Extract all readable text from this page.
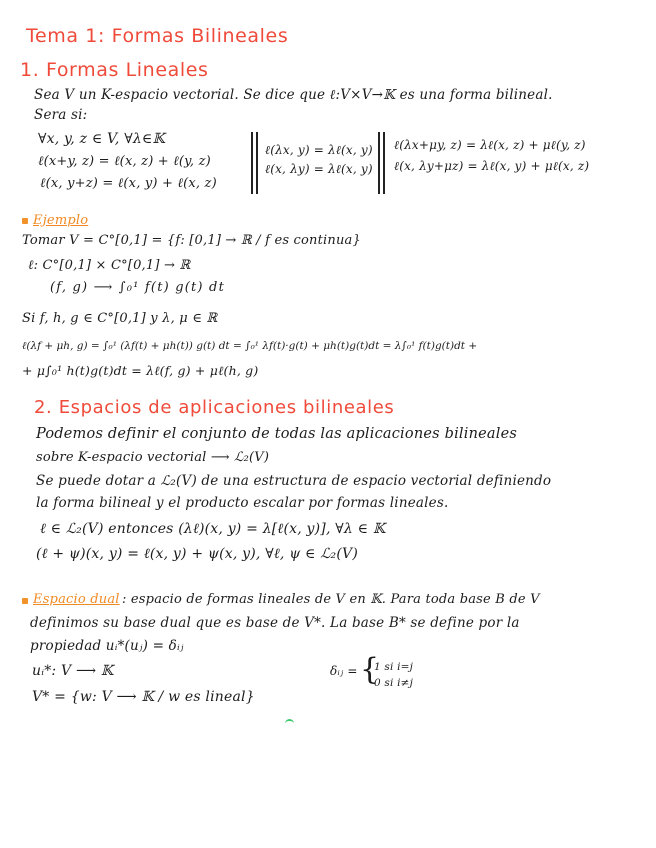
Tema 1: Formas Bilineales
1. Formas Lineales
Sea V un K-espacio vectorial. Se dice que ℓ:V×V→𝕂 es una forma bilineal.
Sera si:
∀x, y, z ∈ V, ∀λ∈𝕂
ℓ(x+y, z) = ℓ(x, z) + ℓ(y, z)
ℓ(x, y+z) = ℓ(x, y) + ℓ(x, z)
ℓ(λx, y) = λℓ(x, y)
ℓ(x, λy) = λℓ(x, y)
ℓ(λx+μy, z) = λℓ(x, z) + μℓ(y, z)
ℓ(x, λy+μz) = λℓ(x, y) + μℓ(x, z)
Ejemplo
Tomar V = C°[0,1] = {f: [0,1] → ℝ / f es continua}
ℓ: C°[0,1] × C°[0,1] → ℝ
(f, g) ⟶ ∫₀¹ f(t) g(t) dt
Si f, h, g ∈ C°[0,1] y λ, μ ∈ ℝ
ℓ(λf + μh, g) = ∫₀¹ (λf(t) + μh(t)) g(t) dt = ∫₀¹ λf(t)·g(t) + μh(t)g(t)dt = λ∫₀¹ f(t)g(t)dt +
+ μ∫₀¹ h(t)g(t)dt = λℓ(f, g) + μℓ(h, g)
2. Espacios de aplicaciones bilineales
Podemos definir el conjunto de todas las aplicaciones bilineales
sobre K-espacio vectorial ⟶ ℒ₂(V)
Se puede dotar a ℒ₂(V) de una estructura de espacio vectorial definiendo
la forma bilineal y el producto escalar por formas lineales.
ℓ ∈ ℒ₂(V) entonces (λℓ)(x, y) = λ[ℓ(x, y)], ∀λ ∈ 𝕂
(ℓ + ψ)(x, y) = ℓ(x, y) + ψ(x, y), ∀ℓ, ψ ∈ ℒ₂(V)
Espacio dual : espacio de formas lineales de V en 𝕂. Para toda base B de V
definimos su base dual que es base de V*. La base B* se define por la
propiedad uᵢ*(uⱼ) = δᵢⱼ
uᵢ*: V ⟶ 𝕂
V* = {w: V ⟶ 𝕂 / w es lineal}
δᵢⱼ = {
1 si i=j
0 si i≠j
